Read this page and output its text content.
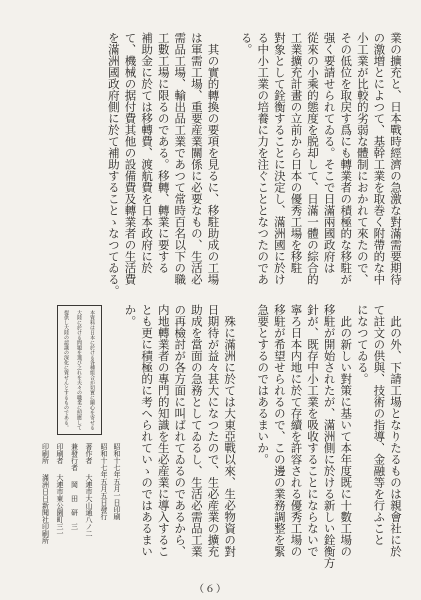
業の擴充と、日本戰時經濟の急激な對滿需要期待
の激増とによつて、基幹工業を取巻く附帶的な中
小工業が比較的劣弱な體制におかれて來たので、
その低位を取戻す爲にも轉業者の積極的な移駐が
强く要請せられてゐる。そこで日滿兩國政府は
從來の小乘的態度を脱却して、日滿一體の綜合的
工業擴充計畫の立前から日本の優秀工場を移駐
對象として銓衡することに決定し、滿洲國に於け
る中小工業の培養に力を注ぐこととなつたのであ
る。
　其の實的轉換の要項を見るに、移駐助成の工場
は軍需工場、重要産業關係に必要なもの、生活必
需品工場、輸出品工業であつて常時百名以下の職
工數工場に限るのである。移轉、轉業に要する
補助金に於ては移轉費、渡航費を日本政府に於
て、機械の据付費其他の設備費及轉業者の生活費
を滿洲國政府側に於て補助することゝなつてゐる。
　此の外、下請工場となりたるものは親會社に於
て註文の供與、技術の指導、金融等を行ふこと
になつてゐる。
　此の新しい對策に基いて本年度既に十數工場の
移駐が開始されたが、滿洲側に於ける新しい銓衡方
針が、既存中小工業を吸收することにならないで
寧ろ日本内地に於て存續を許容される優秀工場の
移駐が希望せられるので、この邊の業務調整を緊
急要とするのではあるまいか。
　殊に滿洲に於ては大東亞戰以來、生必物資の對
日期待が益々甚大になつたので、生必産業の擴充
助成を當面の急務としてゐるし、生活必需品工業
の再檢討が各方面に叫ばれてゐるのであるから、
内地轉業者の專門的知識を生必産業に導入するこ
とも更に積極的に考へられていゝのではあるまい
か。
本資料は日本に於ける各種組合が切實に關心を寄せる
大陸に於ける問題を選び之れを夫々の職業に照應して
提供し大陸の認識の深化に資せんとするものである。
昭和十七年五月一日印刷
昭和十七年五月五日發行
著作者大連市大山通八ノ二
兼發行者岡　田　研　三
印刷者大連市東公園町三一
印刷所滿洲日日新聞社印刷所
（６）
